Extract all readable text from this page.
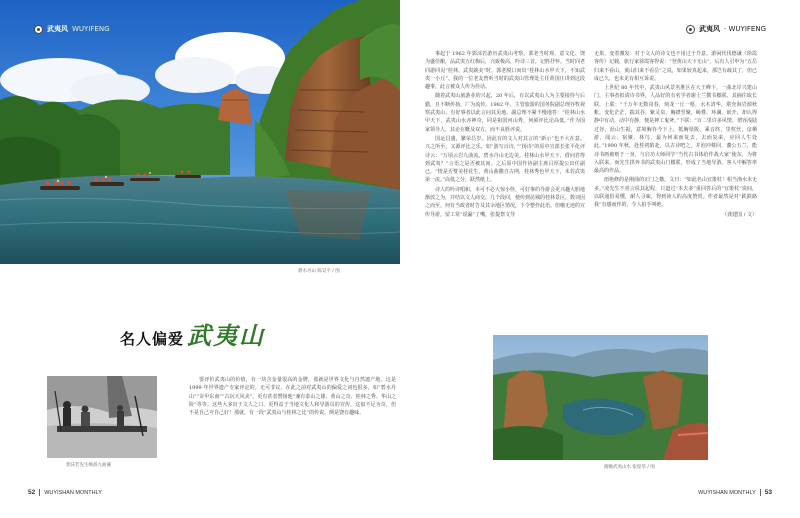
武夷风 WUYIFENG
碧水丹山 陈昊平 / 图
名人偏爱 武夷山
郭沫若先生畅游九曲溪

要评价武夷山的价值，有一块含金量很高的金牌，那就是世界文化与自然遗产地。这是 1999 年世界遗产专家评定的。无可非议，在此之前对武夷山的偏爱之词也很多，如“碧水丹山”“奇甲东南”“古玩天风美”，更有甚者赞扬他“兼有泰山之雄、黄山之奇、桂林之秀、华山之险”等等。这些大多出于文人之口，更得益于当地文化人和导游员的宣传，这似不足为奇，但不是自己夸自己好！那就，有一段“武夷山与桂林之比”的传说，倒是饶有趣味。

52 WUYISHAN MONTHLY
武夷风 · WUYIFENG

事起于 1962 年郭沫若游历武夷山考察。郭老当时观、意文化、饶为盛佳酿，品武夷五红梅后，兴致极高，吟诗三首，记胜抒怀。当时同老同游同见“桂林、武夷孰美”时，郭老脱口而出“桂林山水甲天下，不知武夷一小丘”。我的一位老友曾听当时的武夷山管理处主任黄国庄讲到这段趣事，此言被众人传为佳话。

随着武夷山旅游业的兴起，20 年后，有以武夷山人为主要接待与后勤，且不断传扬，广为流传。1982 年，主管旅游的国务院副总理谷牧视察武夷山，有好事者以此言问其见地。副总理不紧不慢地答：“桂林山水甲天下，武夷山水亦神奇，同是祖国河山秀，何须评比论高低。”作为国家领导人，其论在概及双方，而不良胜评说。

国运昌盛，繁荣昌岁。因此有的文人对其言的“新示”也不大在意。兴之所至，又源评比之乐。如“游写百诗，”“扬诗”的原中宣部长张平化评诗云：“万顷云岩九曲流，碧水丹山无边美。桂林山水甲天下，借问君得到武夷？”言语之是否被其间。之后原中国作协副主席吕厚提公出任副已，“情是否赞美桂花生，黄山曲撒自古网，桂林秀色甲天下，未若武夷第一流。”高低之分，跃然纸上。

诗人的吟诗唱和，本可不必大惊小怪，可好事的导游会更兴趣大胆地渐放之为，并结以文人商交。几个段回，便传到昆城的桂林景区，数词因之而至。何有当政者时告及其余地区情况，下令整作此语。但哦无迹的宣传导游，留工常“说漏”了嘴，张提祭文导

无果，变着激发：对于文人的诗文也不用过于介意。游闲代伐德谦《徐霞客传》记载，旅行家徐霞客得说：“登黄山天下无山”，后有人引申为“五岳归来不看山，黄山归来不看岳”之说，如果较真起来，那岂有疏其了，但已成已久，也未见有相互诉说。

上世纪 80 年代中，武夷山风景名胜区在大王峰下，一曲北岸兴建山门，主事者拟请诗书界，人品好的有名学者谢士兰撰书楹联。其摘往取长联，上联：“千万年无数岗春，刻龙一丘一壑，水木清华，堪充海岩源秋帐，变化茫茫，揣其谷，紫灵泉，胸襟竖聚，嶂叠、环澜、嵌开、却认得静中有动，动中有静，便是神工鬼斧。”下联：“百二里许多风情，谓容浅陆过谷，涯山生据，意境胸谷今下上，抵胸渠阪，乘音终，里枕丝，彦栖游，闻云、宿聚、林鸟，最为何来而复去。去而复来，应回人生处此。”1990 年秋，赴桂初陷赴，以古诗吧之，并泡冲蔡回，藩公五兰，能诗书画被则于一身，与启功大师同学“当代古书体给作战大家”使东，为将入联来，而先生拱奔书的武夷山门楹联，形成了当地导游。客人中解答率最高的作品。

雨艳修的是刚曲的正门之楹，文曰：“如此名山宜策杖！相当渔水未无多。”凌先生不喜言说其起程，只道过“本夫多”重回答后的“宜策杖”说间，以联通俗易懂，耐人寻味，得到读人的高度赞赏。作者最然是对“跌跌路我”有感而作的，令人拍手叫绝。

（龚建国 / 文）

俯瞰武夷山水 张煌华 / 图
WUYISHAN MONTHLY 53
